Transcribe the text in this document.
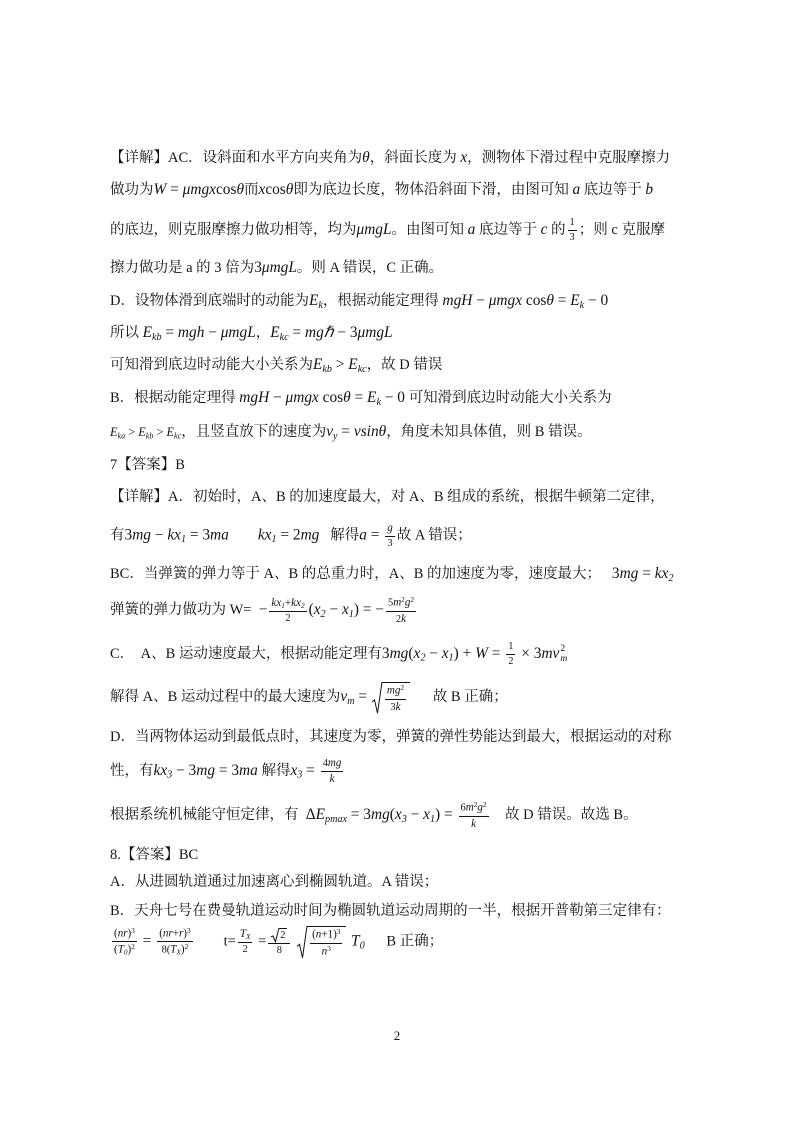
【详解】AC．设斜面和水平方向夹角为θ，斜面长度为 x，测物体下滑过程中克服摩擦力
做功为W = μmgxcosθ而xcosθ即为底边长度，物体沿斜面下滑，由图可知 a 底边等于 b
的底边，则克服摩擦力做功相等，均为μmgL。由图可知 a 底边等于 c 的 $\frac{1}{3}$ ；则 c 克服摩
擦力做功是 a 的 3 倍为3μmgL。则 A 错误，C 正确。
D．设物体滑到底端时的动能为$E_k$，根据动能定理得 mgH − μmgx $\cos\theta = E_k - 0$
所以 $E_{kb}$ = mgh − μmgL，$E_{kc}$ = mgℏ − 3μmgL
可知滑到底边时动能大小关系为$E_{kb} > E_{kc}$，故 D 错误
B．根据动能定理得 mgH − μmgx $\cos\theta = E_k - 0$ 可知滑到底边时动能大小关系为
$E_{ka} > E_{kb} > E_{kc}$，且竖直放下的速度为$v_y = vsin\theta$，角度未知具体值，则 B 错误。
7【答案】B
【详解】A．初始时，A、B 的加速度最大，对 A、B 组成的系统，根据牛顿第二定律，
有$3mg - kx_1 = 3ma$ $kx_1 = 2mg$   解得$a = \frac{g}{3}$ 故 A 错误；
BC．当弹簧的弹力等于 A、B 的总重力时，A、B 的加速度为零，速度最大；   $3mg = kx_2$
弹簧的弹力做功为 $W= - \frac{kx_1+kx_2}{2} (x_2 - x_1)$ = − $\frac{5m^2g^2}{2k}$
C．  A、B 运动速度最大，根据动能定理有$3mg(x_2 - x_1) + W = \frac{1}{2} \times 3mv$ 2
m
解得 A、B 运动过程中的最大速度为$v_m = \frac{mg^2}{3k}$ 故 B 正确；
D．当两物体运动到最低点时，其速度为零，弹簧的弹性势能达到最大，根据运动的对称
性，有$kx_3 - 3mg = 3ma$ 解得$x_3 = \frac{4mg}{k}$
根据系统机械能守恒定律，有  $\Delta E_{pmax} = 3mg(x_3 - x_1) = \frac{6m^2g^2}{k}$ 故 D 错误。故选 B。
8.【答案】BC
A．从进圆轨道通过加速离心到椭圆轨道。A 错误；
B．天舟七号在费曼轨道运动时间为椭圆轨道运动周期的一半，根据开普勒第三定律有：
$\frac{(nr)^3}{(T_0)^2} = \frac{(nr+r)^3}{8(T_X)^2} t= \frac{T_X}{2} = \frac{2}{8}$
$\frac{(n+1)^3}{n^3} T_0$      B 正确；
2
